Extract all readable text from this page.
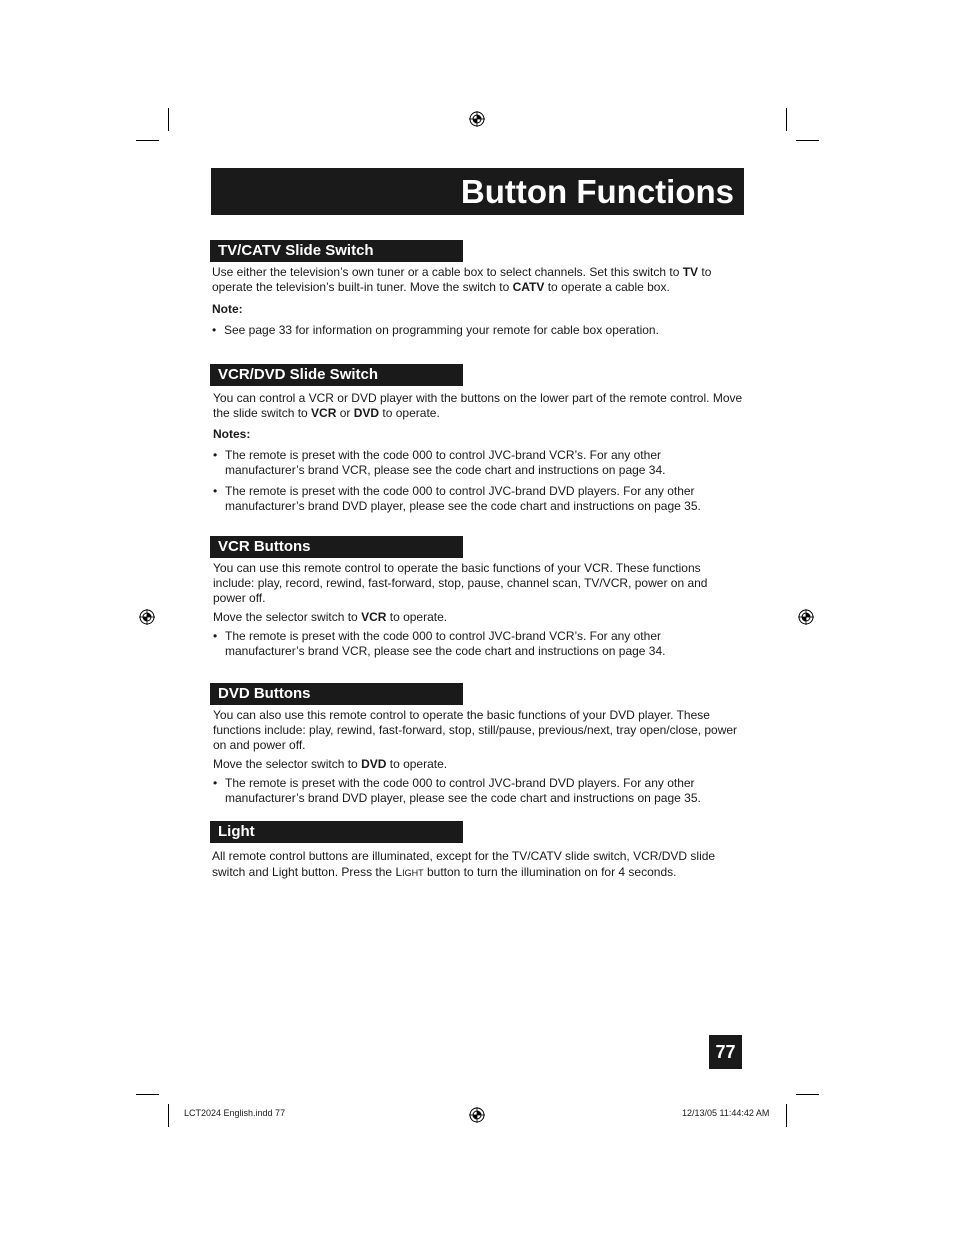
Button Functions
TV/CATV Slide Switch

Use either the television’s own tuner or a cable box to select channels. Set this switch to TV to operate the television’s built-in tuner. Move the switch to CATV to operate a cable box.

Note:
• See page 33 for information on programming your remote for cable box operation.
VCR/DVD Slide Switch

You can control a VCR or DVD player with the buttons on the lower part of the remote control. Move the slide switch to VCR or DVD to operate.

Notes:
• The remote is preset with the code 000 to control JVC-brand VCR’s. For any other manufacturer’s brand VCR, please see the code chart and instructions on page 34.
• The remote is preset with the code 000 to control JVC-brand DVD players. For any other manufacturer’s brand DVD player, please see the code chart and instructions on page 35.
VCR Buttons

You can use this remote control to operate the basic functions of your VCR. These functions include: play, record, rewind, fast-forward, stop, pause, channel scan, TV/VCR, power on and power off.

Move the selector switch to VCR to operate.

• The remote is preset with the code 000 to control JVC-brand VCR’s. For any other manufacturer’s brand VCR, please see the code chart and instructions on page 34.
DVD Buttons

You can also use this remote control to operate the basic functions of your DVD player. These functions include: play, rewind, fast-forward, stop, still/pause, previous/next, tray open/close, power on and power off.

Move the selector switch to DVD to operate.

• The remote is preset with the code 000 to control JVC-brand DVD players. For any other manufacturer’s brand DVD player, please see the code chart and instructions on page 35.
Light

All remote control buttons are illuminated, except for the TV/CATV slide switch, VCR/DVD slide switch and Light button. Press the LIGHT button to turn the illumination on for 4 seconds.

77
LCT2024 English.indd 77	12/13/05 11:44:42 AM
